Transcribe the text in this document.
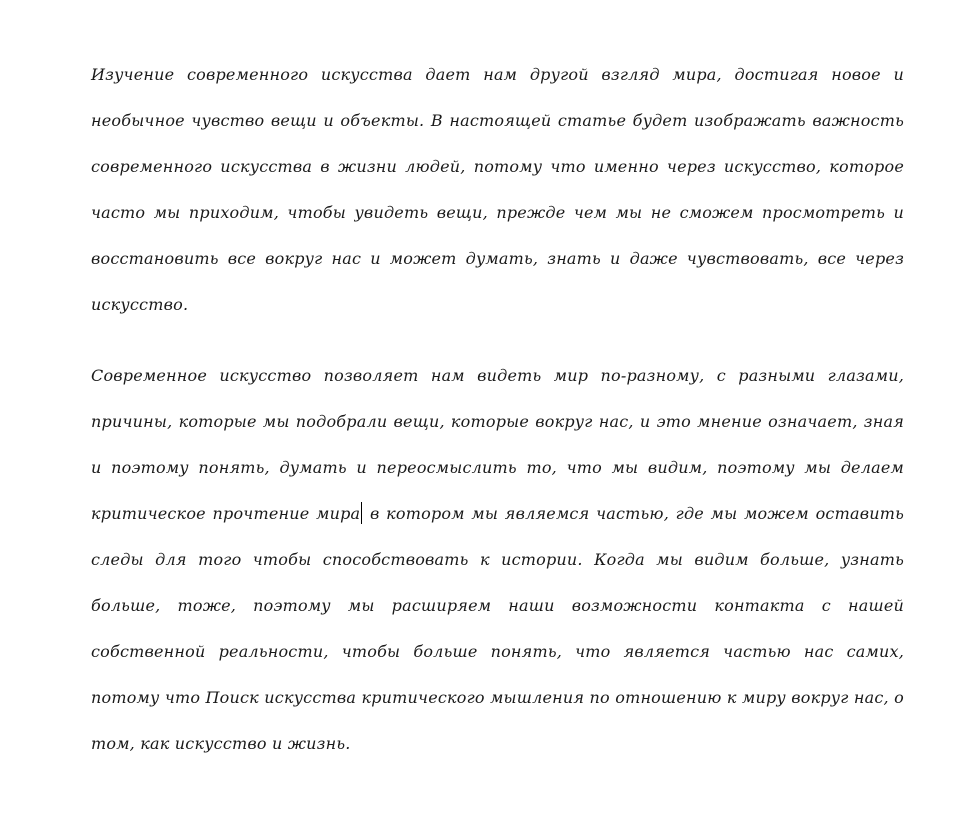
Изучение современного искусства дает нам другой взгляд мира, достигая новое и необычное чувство вещи и объекты. В настоящей статье будет изображать важность современного искусства в жизни людей, потому что именно через искусство, которое часто мы приходим, чтобы увидеть вещи, прежде чем мы не сможем просмотреть и восстановить все вокруг нас и может думать, знать и даже чувствовать, все через искусство.

Современное искусство позволяет нам видеть мир по-разному, с разными глазами, причины, которые мы подобрали вещи, которые вокруг нас, и это мнение означает, зная и поэтому понять, думать и переосмыслить то, что мы видим, поэтому мы делаем критическое прочтение мира в котором мы являемся частью, где мы можем оставить следы для того чтобы способствовать к истории. Когда мы видим больше, узнать больше, тоже, поэтому мы расширяем наши возможности контакта с нашей собственной реальности, чтобы больше понять, что является частью нас самих, потому что Поиск искусства критического мышления по отношению к миру вокруг нас, о том, как искусство и жизнь.
